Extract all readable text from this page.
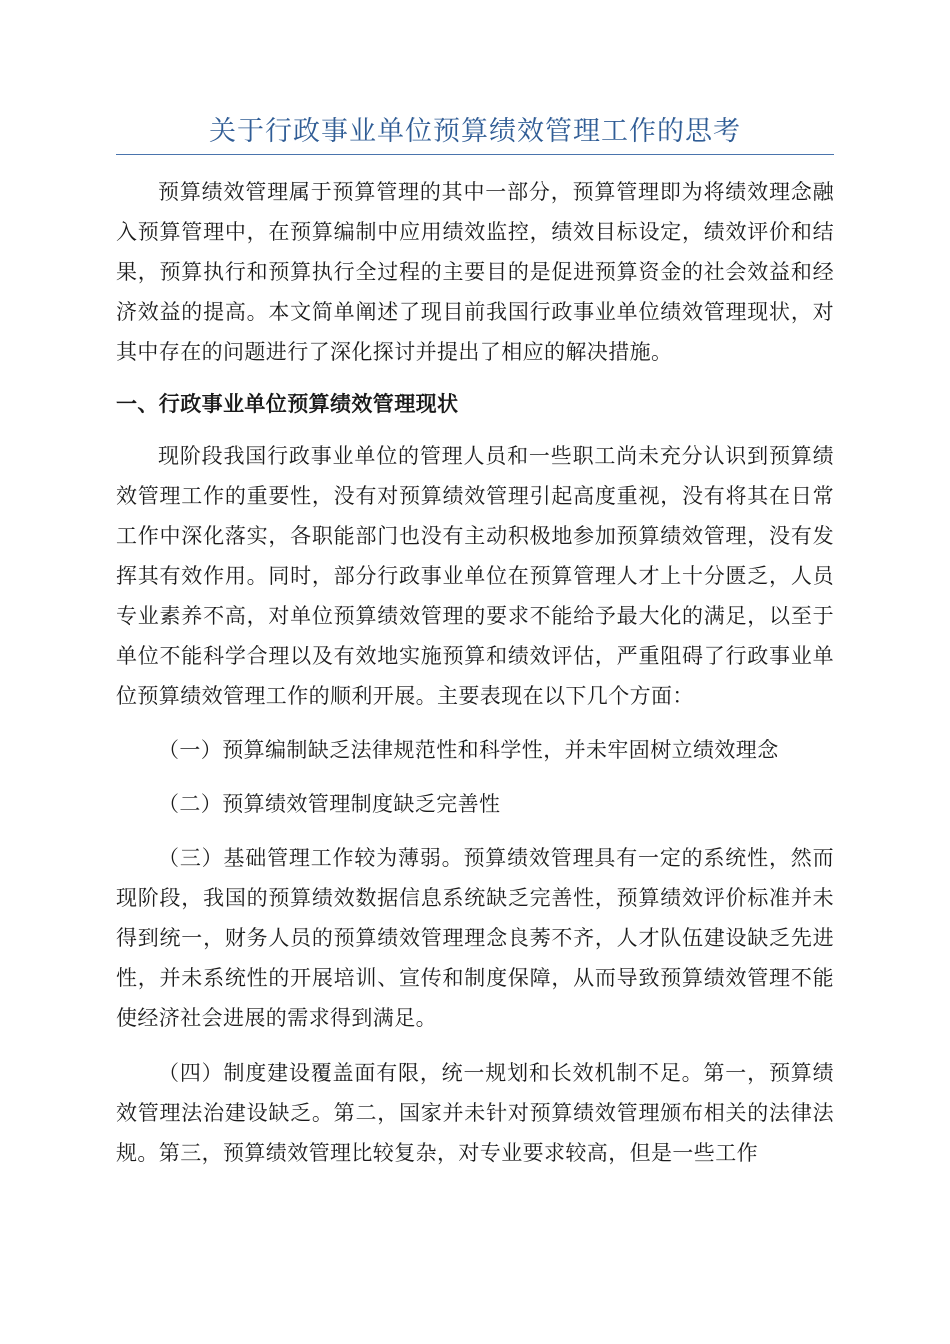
关于行政事业单位预算绩效管理工作的思考

预算绩效管理属于预算管理的其中一部分，预算管理即为将绩效理念融入预算管理中，在预算编制中应用绩效监控，绩效目标设定，绩效评价和结果，预算执行和预算执行全过程的主要目的是促进预算资金的社会效益和经济效益的提高。本文简单阐述了现目前我国行政事业单位绩效管理现状，对其中存在的问题进行了深化探讨并提出了相应的解决措施。

一、行政事业单位预算绩效管理现状

现阶段我国行政事业单位的管理人员和一些职工尚未充分认识到预算绩效管理工作的重要性，没有对预算绩效管理引起高度重视，没有将其在日常工作中深化落实，各职能部门也没有主动积极地参加预算绩效管理，没有发挥其有效作用。同时，部分行政事业单位在预算管理人才上十分匮乏，人员专业素养不高，对单位预算绩效管理的要求不能给予最大化的满足，以至于单位不能科学合理以及有效地实施预算和绩效评估，严重阻碍了行政事业单位预算绩效管理工作的顺利开展。主要表现在以下几个方面：

（一）预算编制缺乏法律规范性和科学性，并未牢固树立绩效理念

（二）预算绩效管理制度缺乏完善性

（三）基础管理工作较为薄弱。预算绩效管理具有一定的系统性，然而现阶段，我国的预算绩效数据信息系统缺乏完善性，预算绩效评价标准并未得到统一，财务人员的预算绩效管理理念良莠不齐，人才队伍建设缺乏先进性，并未系统性的开展培训、宣传和制度保障，从而导致预算绩效管理不能使经济社会进展的需求得到满足。

（四）制度建设覆盖面有限，统一规划和长效机制不足。第一，预算绩效管理法治建设缺乏。第二，国家并未针对预算绩效管理颁布相关的法律法规。第三，预算绩效管理比较复杂，对专业要求较高，但是一些工作
